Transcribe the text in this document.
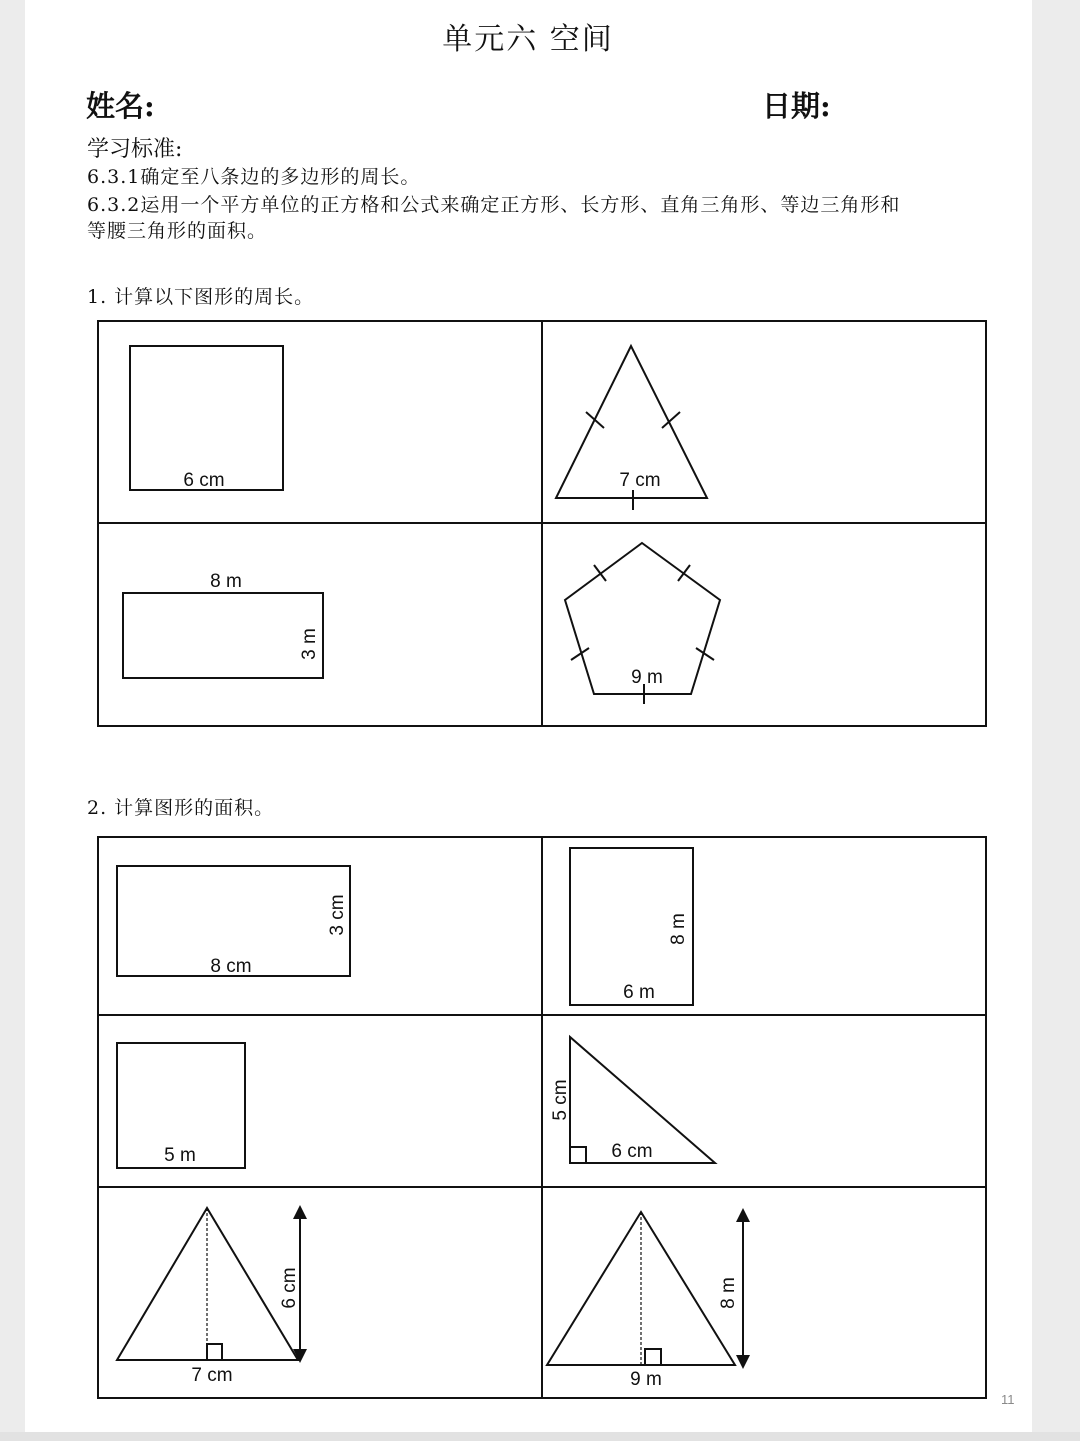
单元六 空间

姓名:	日期:

学习标准:

6.3.1确定至八条边的多边形的周长。

6.3.2运用一个平方单位的正方格和公式来确定正方形、长方形、直角三角形、等边三角形和

等腰三角形的面积。

1. 计算以下图形的周长。

2. 计算图形的面积。

6 cm	7 cm
8 m
3 m
9 m
8 cm
3 cm
6 m
8 m
5 m
5 cm
6 cm
7 cm
6 cm
9 m
8 m
11
